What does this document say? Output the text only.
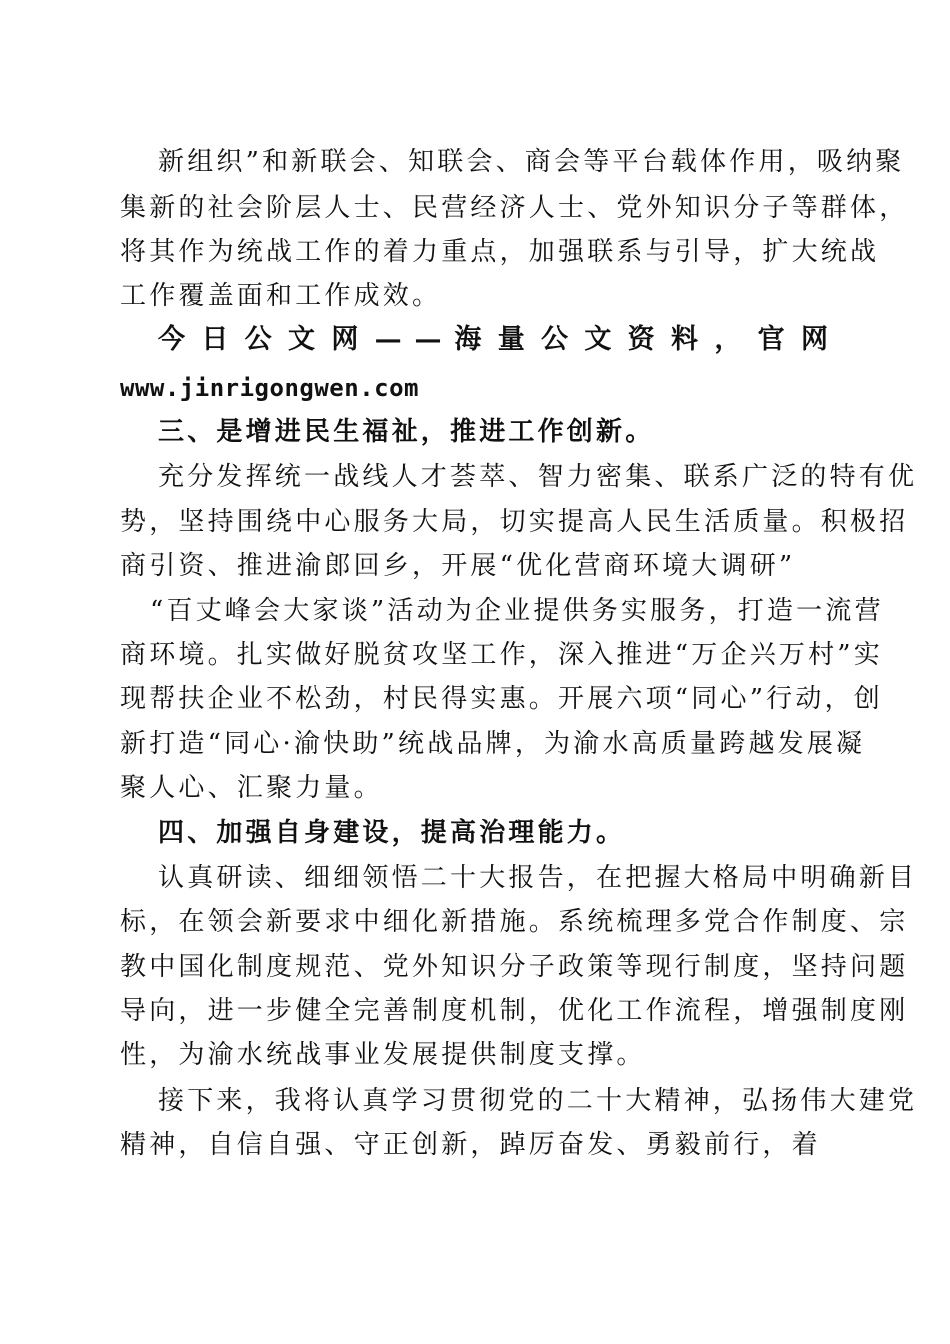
新组织”和新联会、知联会、商会等平台载体作用，吸纳聚
集新的社会阶层人士、民营经济人士、党外知识分子等群体，
将其作为统战工作的着力重点，加强联系与引导，扩大统战
工作覆盖面和工作成效。
今 日 公 文 网 — — 海 量 公 文 资 料 ， 官 网
www.jinrigongwen.com
三、是增进民生福祉，推进工作创新。
充分发挥统一战线人才荟萃、智力密集、联系广泛的特有优
势，坚持围绕中心服务大局，切实提高人民生活质量。积极招
商引资、推进渝郎回乡，开展“优化营商环境大调研”
“百丈峰会大家谈”活动为企业提供务实服务，打造一流营
商环境。扎实做好脱贫攻坚工作，深入推进“万企兴万村”实
现帮扶企业不松劲，村民得实惠。开展六项“同心”行动，创
新打造“同心·渝快助”统战品牌，为渝水高质量跨越发展凝
聚人心、汇聚力量。
四、加强自身建设，提高治理能力。
认真研读、细细领悟二十大报告，在把握大格局中明确新目
标，在领会新要求中细化新措施。系统梳理多党合作制度、宗
教中国化制度规范、党外知识分子政策等现行制度，坚持问题
导向，进一步健全完善制度机制，优化工作流程，增强制度刚
性，为渝水统战事业发展提供制度支撑。
接下来，我将认真学习贯彻党的二十大精神，弘扬伟大建党
精神，自信自强、守正创新，踔厉奋发、勇毅前行，着
